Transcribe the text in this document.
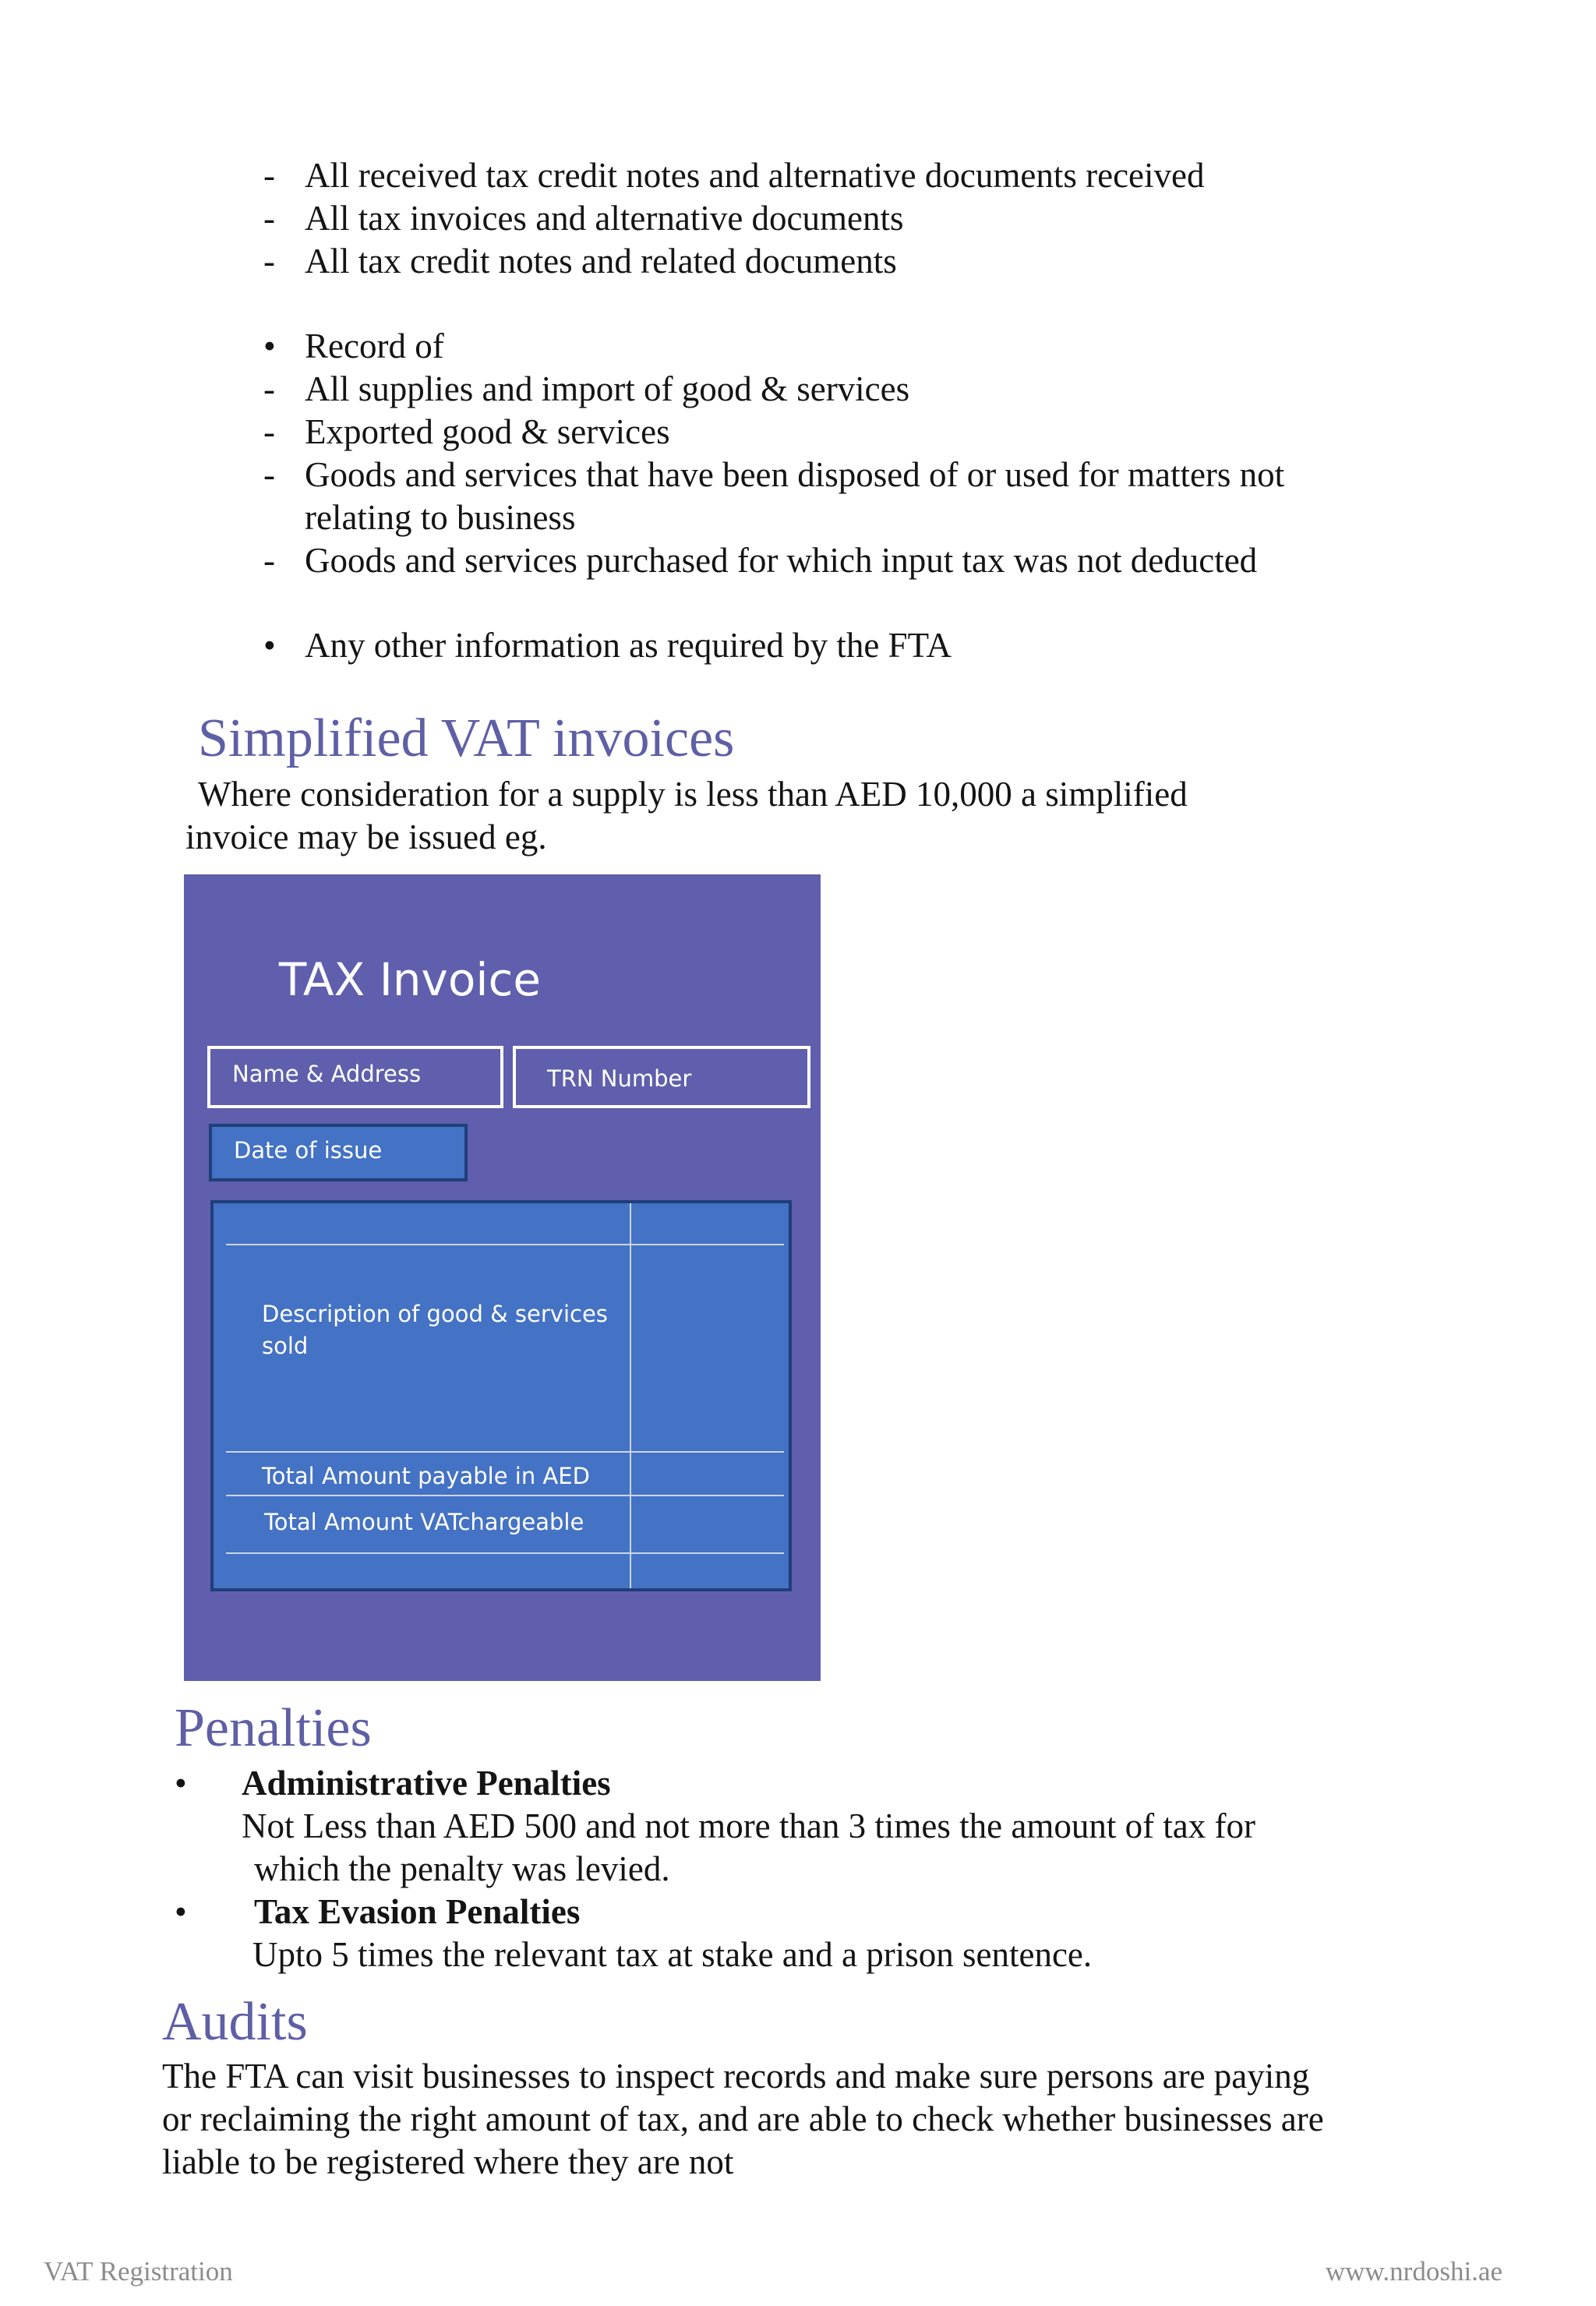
- All received tax credit notes and alternative documents received
- All tax invoices and alternative documents
- All tax credit notes and related documents
• Record of
- All supplies and import of good & services
- Exported good & services
- Goods and services that have been disposed of or used for matters not
relating to business
- Goods and services purchased for which input tax was not deducted
• Any other information as required by the FTA
Simplified VAT invoices
Where consideration for a supply is less than AED 10,000 a simplified
invoice may be issued eg.
TAX Invoice
Name & Address	TRN Number
Date of issue
Description of good & services
sold
Total Amount payable in AED
Total Amount VATchargeable
Penalties
• Administrative Penalties
Not Less than AED 500 and not more than 3 times the amount of tax for
which the penalty was levied.
• Tax Evasion Penalties
Upto 5 times the relevant tax at stake and a prison sentence.
Audits
The FTA can visit businesses to inspect records and make sure persons are paying
or reclaiming the right amount of tax, and are able to check whether businesses are
liable to be registered where they are not
VAT Registration	www.nrdoshi.ae
